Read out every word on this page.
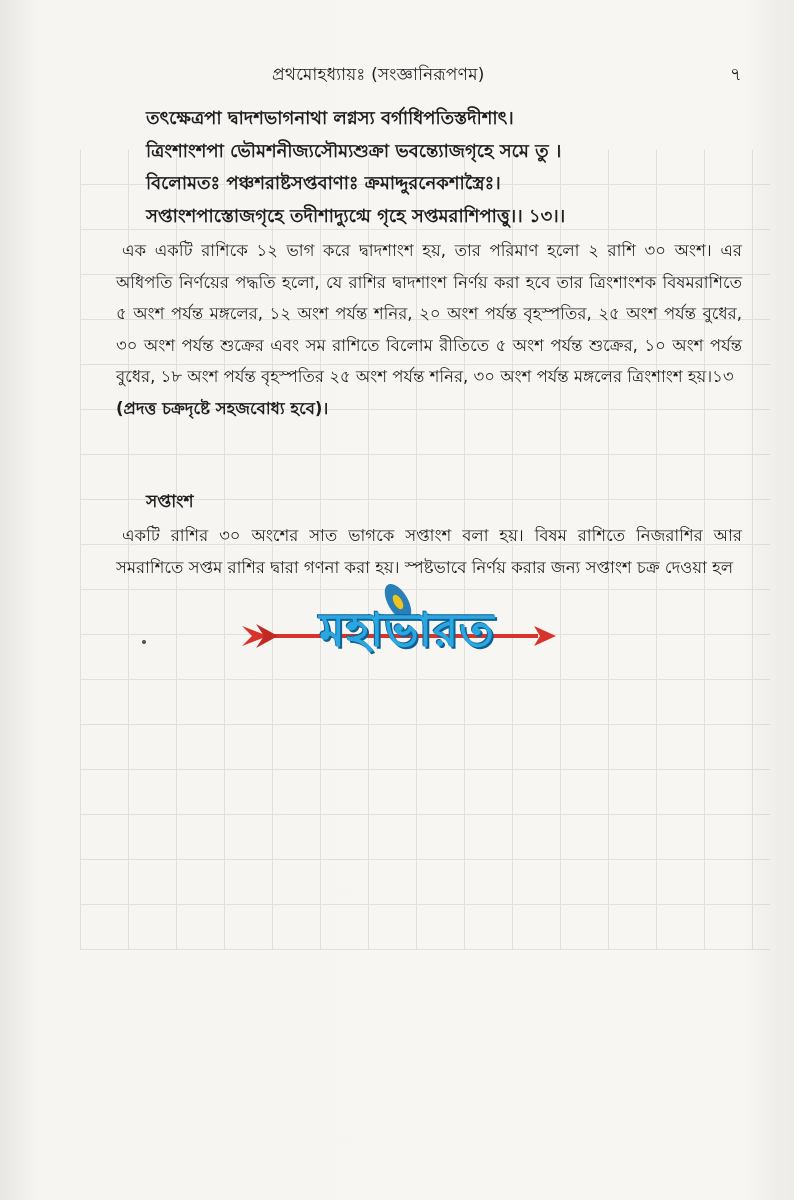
প্রথমোহধ্যায়ঃ (সংজ্ঞানিরূপণম)	৭
তৎক্ষেত্রপা দ্বাদশভাগনাথা লগ্নস্য বর্গাধিপতিস্তদীশাৎ।
ত্রিংশাংশপা ভৌমশনীজ্যসৌম্যশুক্রা ভবন্ত্যোজগৃহে সমে তু ।
বিলোমতঃ পঞ্চশরাষ্টসপ্তবাণাঃ ক্রমাদ্দুরনেকশাস্ত্রৈঃ।
সপ্তাংশপাস্তোজগৃহে তদীশাদ্যুগ্মে গৃহে সপ্তমরাশিপাত্তু।। ১৩।।

এক একটি রাশিকে ১২ ভাগ করে দ্বাদশাংশ হয়, তার পরিমাণ হলো ২ রাশি ৩০ অংশ। এর অধিপতি নির্ণয়ের পদ্ধতি হলো, যে রাশির দ্বাদশাংশ নির্ণয় করা হবে তার ত্রিংশাংশক বিষমরাশিতে ৫ অংশ পর্যন্ত মঙ্গলের, ১২ অংশ পর্যন্ত শনির, ২০ অংশ পর্যন্ত বৃহস্পতির, ২৫ অংশ পর্যন্ত বুধের, ৩০ অংশ পর্যন্ত শুক্রের এবং সম রাশিতে বিলোম রীতিতে ৫ অংশ পর্যন্ত শুক্রের, ১০ অংশ পর্যন্ত বুধের, ১৮ অংশ পর্যন্ত বৃহস্পতির ২৫ অংশ পর্যন্ত শনির, ৩০ অংশ পর্যন্ত মঙ্গলের ত্রিংশাংশ হয়।১৩

(প্রদত্ত চক্রদৃষ্টে সহজবোধ্য হবে)।

সপ্তাংশ

একটি রাশির ৩০ অংশের সাত ভাগকে সপ্তাংশ বলা হয়। বিষম রাশিতে নিজরাশির আর সমরাশিতে সপ্তম রাশির দ্বারা গণনা করা হয়। স্পষ্টভাবে নির্ণয় করার জন্য সপ্তাংশ চক্র দেওয়া হল

মহাভারত
